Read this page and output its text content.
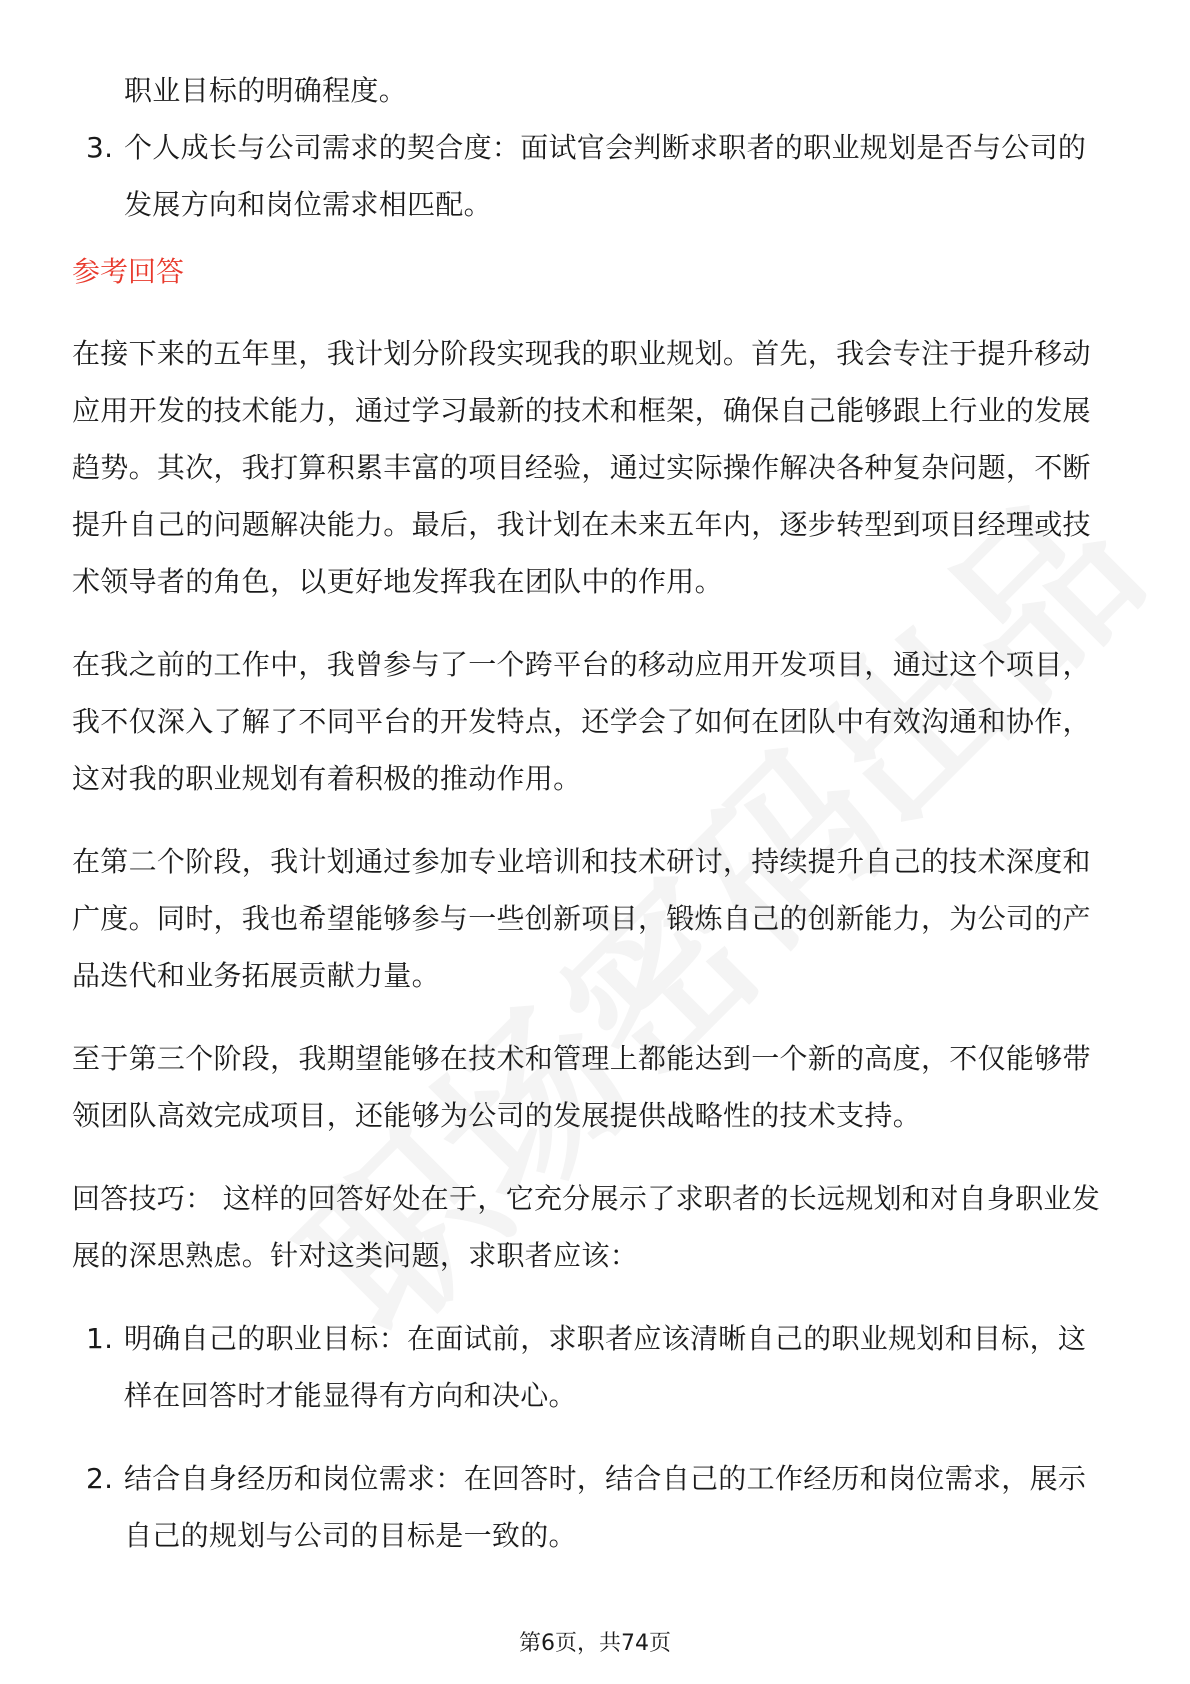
职业目标的明确程度。

3. 个人成长与公司需求的契合度：面试官会判断求职者的职业规划是否与公司的

发展方向和岗位需求相匹配。

参考回答

在接下来的五年里，我计划分阶段实现我的职业规划。首先，我会专注于提升移动

应用开发的技术能力，通过学习最新的技术和框架，确保自己能够跟上行业的发展

趋势。其次，我打算积累丰富的项目经验，通过实际操作解决各种复杂问题，不断

提升自己的问题解决能力。最后，我计划在未来五年内，逐步转型到项目经理或技

术领导者的角色，以更好地发挥我在团队中的作用。

在我之前的工作中，我曾参与了一个跨平台的移动应用开发项目，通过这个项目，

我不仅深入了解了不同平台的开发特点，还学会了如何在团队中有效沟通和协作，

这对我的职业规划有着积极的推动作用。

在第二个阶段，我计划通过参加专业培训和技术研讨，持续提升自己的技术深度和

广度。同时，我也希望能够参与一些创新项目，锻炼自己的创新能力，为公司的产

品迭代和业务拓展贡献力量。

至于第三个阶段，我期望能够在技术和管理上都能达到一个新的高度，不仅能够带

领团队高效完成项目，还能够为公司的发展提供战略性的技术支持。

回答技巧： 这样的回答好处在于，它充分展示了求职者的长远规划和对自身职业发

展的深思熟虑。针对这类问题，求职者应该：

1. 明确自己的职业目标：在面试前，求职者应该清晰自己的职业规划和目标，这

样在回答时才能显得有方向和决心。

2. 结合自身经历和岗位需求：在回答时，结合自己的工作经历和岗位需求，展示

自己的规划与公司的目标是一致的。

第6页，共74页
